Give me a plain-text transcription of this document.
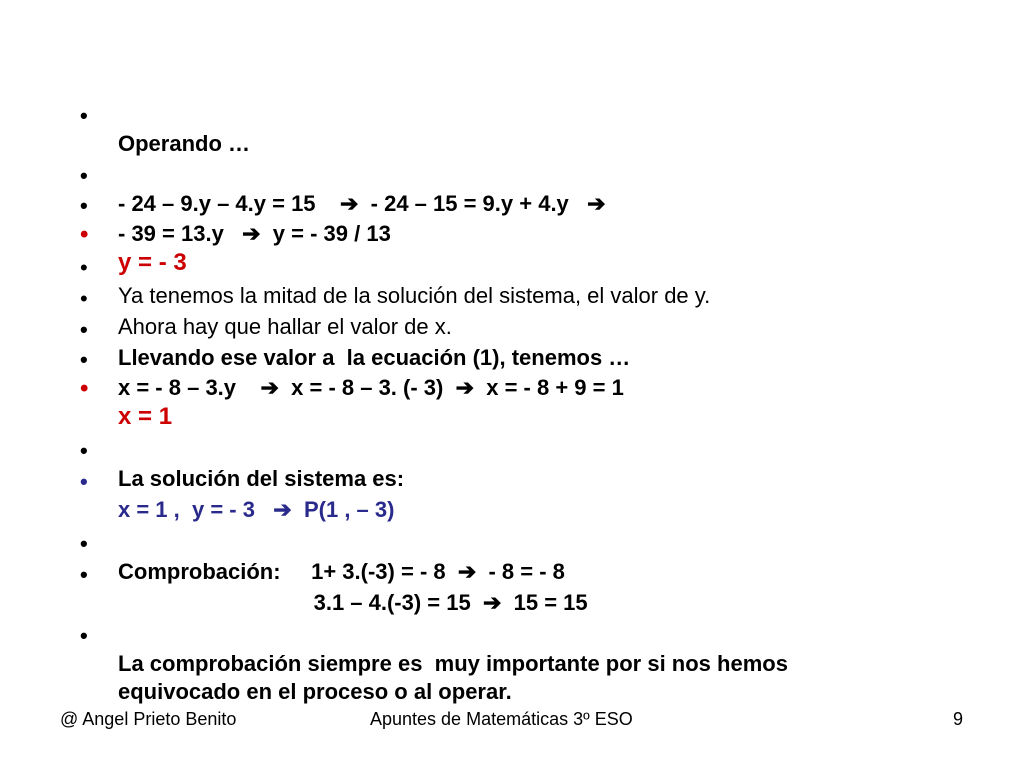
•

Operando …

•

- 24 – 9.y – 4.y = 15    ➔  - 24 – 15 = 9.y + 4.y   ➔

•

- 39 = 13.y   ➔  y = - 39 / 13

•

y = - 3

•

Ya tenemos la mitad de la solución del sistema, el valor de y.

•

Ahora hay que hallar el valor de x.

•

Llevando ese valor a  la ecuación (1), tenemos …

•

x = - 8 – 3.y    ➔  x = - 8 – 3. (- 3)  ➔  x = - 8 + 9 = 1

•

x = 1

•

La solución del sistema es:

•

x = 1 ,  y = - 3   ➔  P(1 , – 3)

•

Comprobación:     1+ 3.(-3) = - 8  ➔  - 8 = - 8

•

3.1 – 4.(-3) = 15  ➔  15 = 15

•

La comprobación siempre es  muy importante por si nos hemos

equivocado en el proceso o al operar.

@ Angel Prieto Benito	Apuntes de Matemáticas 3º ESO	9
